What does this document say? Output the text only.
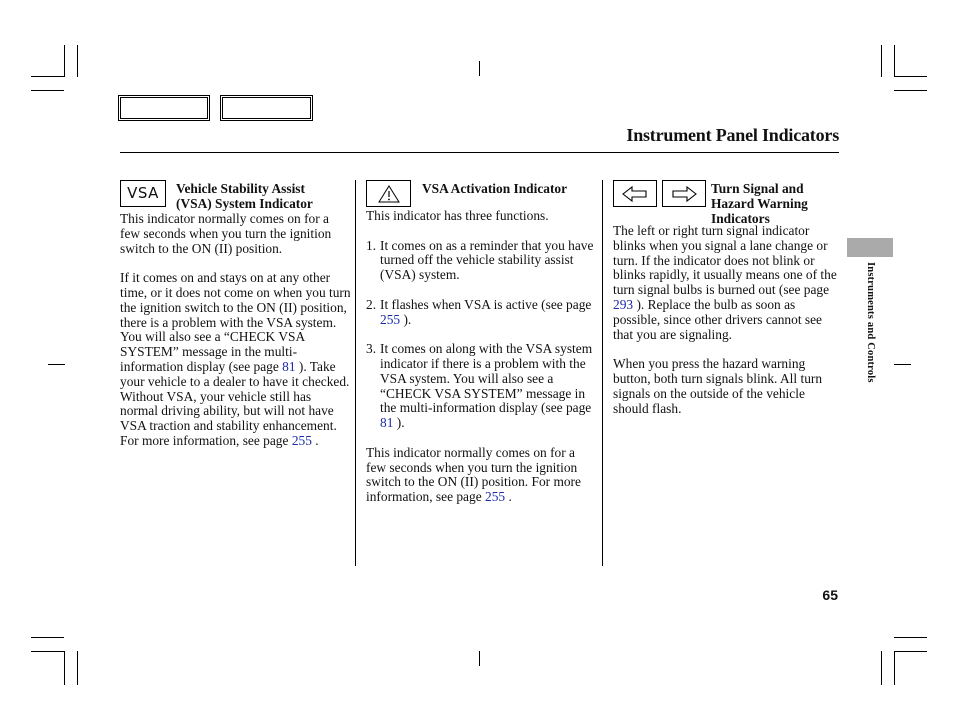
Instrument Panel Indicators
VSA Vehicle Stability Assist
(VSA) System Indicator

This indicator normally comes on for a few seconds when you turn the ignition switch to the ON (II) position.

If it comes on and stays on at any other time, or it does not come on when you turn the ignition switch to the ON (II) position, there is a problem with the VSA system. You will also see a “CHECK VSA SYSTEM” message in the multi-information display (see page 81 ). Take your vehicle to a dealer to have it checked. Without VSA, your vehicle still has normal driving ability, but will not have VSA traction and stability enhancement. For more information, see page 255 .

VSA Activation Indicator

This indicator has three functions.

1. It comes on as a reminder that you have turned off the vehicle stability assist (VSA) system.
2. It flashes when VSA is active (see page 255 ).
3. It comes on along with the VSA system indicator if there is a problem with the VSA system. You will also see a “CHECK VSA SYSTEM” message in the multi-information display (see page 81 ).

This indicator normally comes on for a few seconds when you turn the ignition switch to the ON (II) position. For more information, see page 255 .

Turn Signal and
Hazard Warning
Indicators

The left or right turn signal indicator blinks when you signal a lane change or turn. If the indicator does not blink or blinks rapidly, it usually means one of the turn signal bulbs is burned out (see page 293 ). Replace the bulb as soon as possible, since other drivers cannot see that you are signaling.

When you press the hazard warning button, both turn signals blink. All turn signals on the outside of the vehicle should flash.

Instruments and Controls
65
